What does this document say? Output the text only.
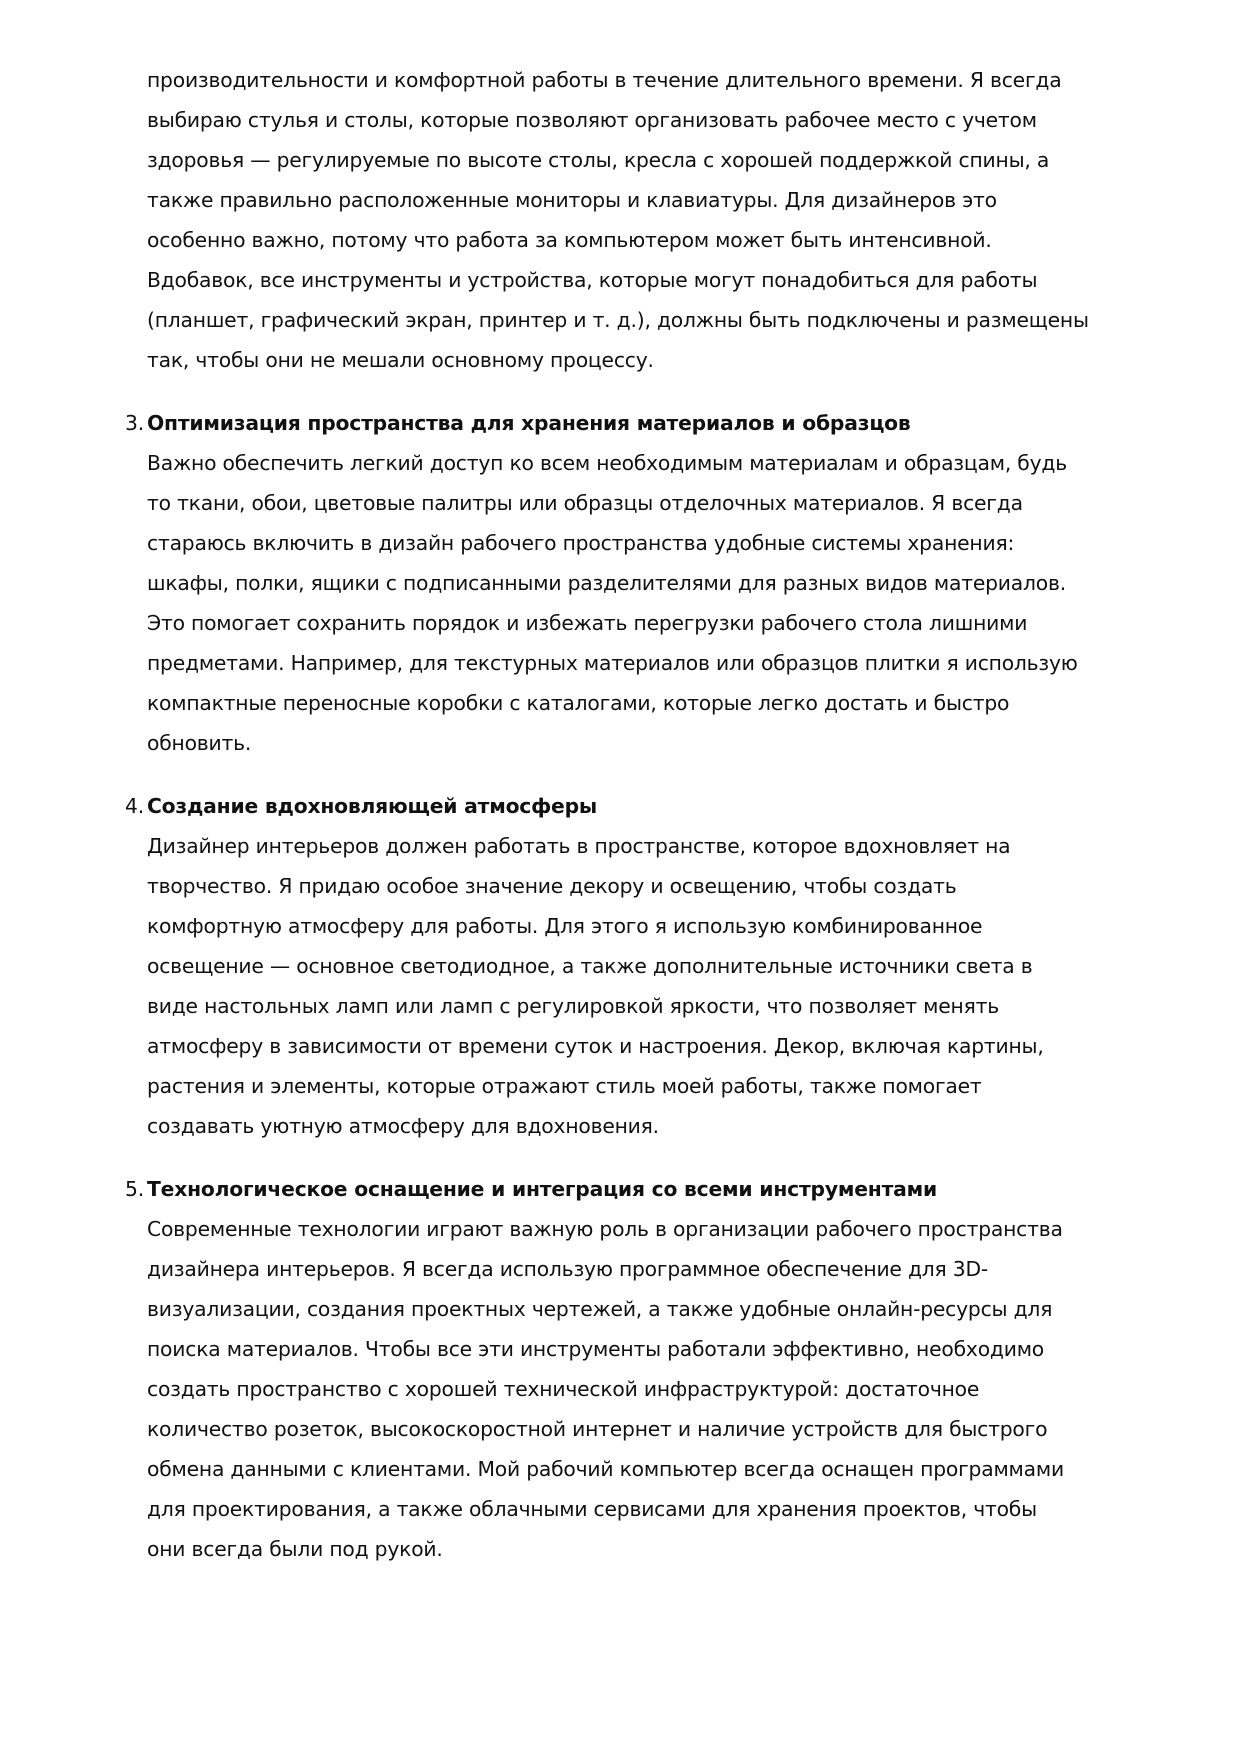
производительности и комфортной работы в течение длительного времени. Я всегда
выбираю стулья и столы, которые позволяют организовать рабочее место с учетом
здоровья — регулируемые по высоте столы, кресла с хорошей поддержкой спины, а
также правильно расположенные мониторы и клавиатуры. Для дизайнеров это
особенно важно, потому что работа за компьютером может быть интенсивной.
Вдобавок, все инструменты и устройства, которые могут понадобиться для работы
(планшет, графический экран, принтер и т. д.), должны быть подключены и размещены
так, чтобы они не мешали основному процессу.
3. Оптимизация пространства для хранения материалов и образцов
Важно обеспечить легкий доступ ко всем необходимым материалам и образцам, будь
то ткани, обои, цветовые палитры или образцы отделочных материалов. Я всегда
стараюсь включить в дизайн рабочего пространства удобные системы хранения:
шкафы, полки, ящики с подписанными разделителями для разных видов материалов.
Это помогает сохранить порядок и избежать перегрузки рабочего стола лишними
предметами. Например, для текстурных материалов или образцов плитки я использую
компактные переносные коробки с каталогами, которые легко достать и быстро
обновить.
4. Создание вдохновляющей атмосферы
Дизайнер интерьеров должен работать в пространстве, которое вдохновляет на
творчество. Я придаю особое значение декору и освещению, чтобы создать
комфортную атмосферу для работы. Для этого я использую комбинированное
освещение — основное светодиодное, а также дополнительные источники света в
виде настольных ламп или ламп с регулировкой яркости, что позволяет менять
атмосферу в зависимости от времени суток и настроения. Декор, включая картины,
растения и элементы, которые отражают стиль моей работы, также помогает
создавать уютную атмосферу для вдохновения.
5. Технологическое оснащение и интеграция со всеми инструментами
Современные технологии играют важную роль в организации рабочего пространства
дизайнера интерьеров. Я всегда использую программное обеспечение для 3D-
визуализации, создания проектных чертежей, а также удобные онлайн-ресурсы для
поиска материалов. Чтобы все эти инструменты работали эффективно, необходимо
создать пространство с хорошей технической инфраструктурой: достаточное
количество розеток, высокоскоростной интернет и наличие устройств для быстрого
обмена данными с клиентами. Мой рабочий компьютер всегда оснащен программами
для проектирования, а также облачными сервисами для хранения проектов, чтобы
они всегда были под рукой.
